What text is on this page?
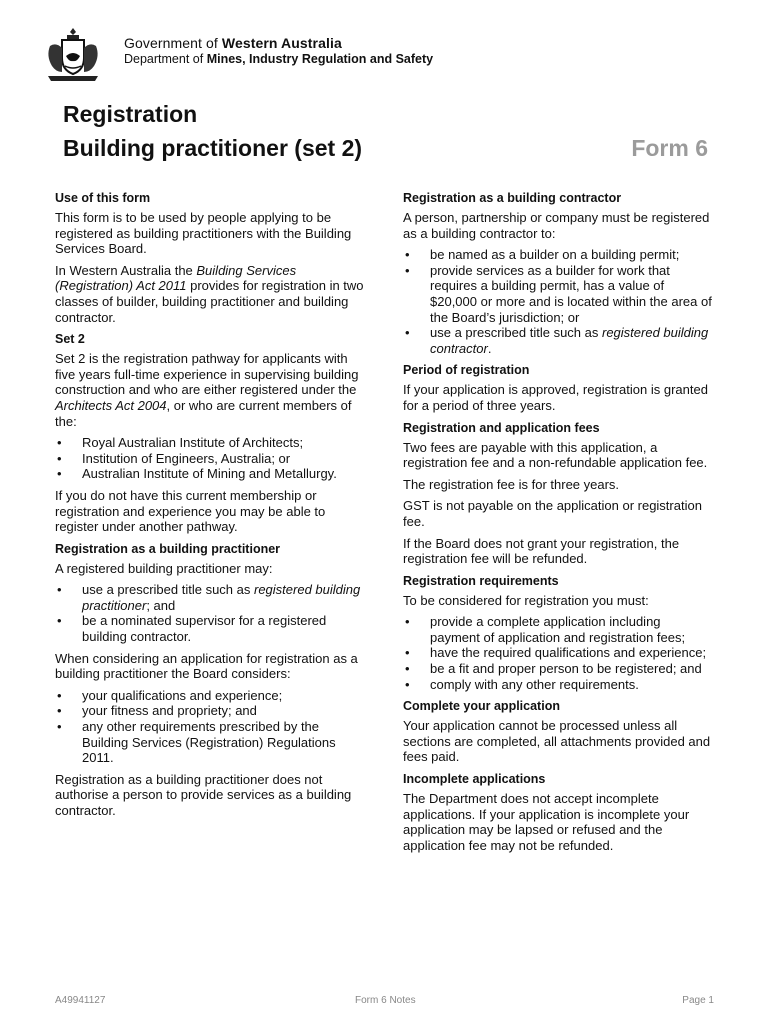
Government of Western Australia
Department of Mines, Industry Regulation and Safety
Registration
Building practitioner (set 2)	Form 6
Use of this form
This form is to be used by people applying to be registered as building practitioners with the Building Services Board.
In Western Australia the Building Services (Registration) Act 2011 provides for registration in two classes of builder, building practitioner and building contractor.
Set 2
Set 2 is the registration pathway for applicants with five years full-time experience in supervising building construction and who are either registered under the Architects Act 2004, or who are current members of the:
• Royal Australian Institute of Architects;
• Institution of Engineers, Australia; or
• Australian Institute of Mining and Metallurgy.
If you do not have this current membership or registration and experience you may be able to register under another pathway.
Registration as a building practitioner
A registered building practitioner may:
• use a prescribed title such as registered building practitioner; and
• be a nominated supervisor for a registered building contractor.
When considering an application for registration as a building practitioner the Board considers:
• your qualifications and experience;
• your fitness and propriety; and
• any other requirements prescribed by the Building Services (Registration) Regulations 2011.
Registration as a building practitioner does not authorise a person to provide services as a building contractor.
Registration as a building contractor
A person, partnership or company must be registered as a building contractor to:
• be named as a builder on a building permit;
• provide services as a builder for work that requires a building permit, has a value of $20,000 or more and is located within the area of the Board’s jurisdiction; or
• use a prescribed title such as registered building contractor.
Period of registration
If your application is approved, registration is granted for a period of three years.
Registration and application fees
Two fees are payable with this application, a registration fee and a non-refundable application fee.
The registration fee is for three years.
GST is not payable on the application or registration fee.
If the Board does not grant your registration, the registration fee will be refunded.
Registration requirements
To be considered for registration you must:
• provide a complete application including payment of application and registration fees;
• have the required qualifications and experience;
• be a fit and proper person to be registered; and
• comply with any other requirements.
Complete your application
Your application cannot be processed unless all sections are completed, all attachments provided and fees paid.
Incomplete applications
The Department does not accept incomplete applications. If your application is incomplete your application may be lapsed or refused and the application fee may not be refunded.
A49941127	Form 6 Notes	Page 1
